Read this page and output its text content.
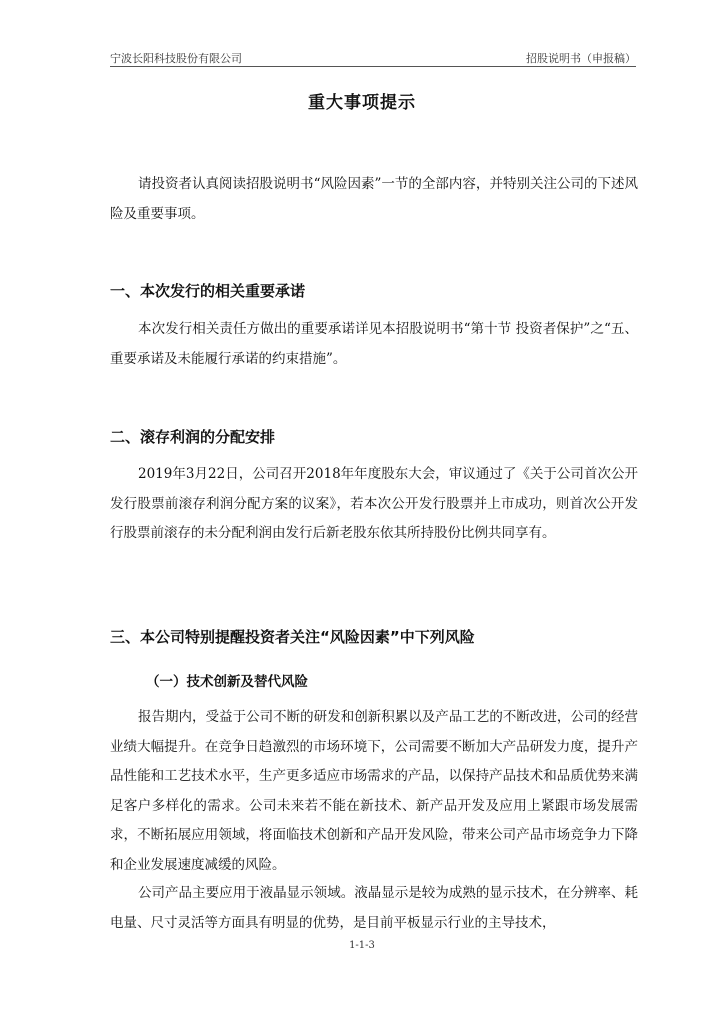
宁波长阳科技股份有限公司	招股说明书（申报稿）
重大事项提示

请投资者认真阅读招股说明书“风险因素”一节的全部内容，并特别关注公司的下述风险及重要事项。

一、本次发行的相关重要承诺

本次发行相关责任方做出的重要承诺详见本招股说明书“第十节 投资者保护”之“五、重要承诺及未能履行承诺的约束措施”。

二、滚存利润的分配安排

2019年3月22日，公司召开2018年年度股东大会，审议通过了《关于公司首次公开发行股票前滚存利润分配方案的议案》，若本次公开发行股票并上市成功，则首次公开发行股票前滚存的未分配利润由发行后新老股东依其所持股份比例共同享有。

三、本公司特别提醒投资者关注“风险因素”中下列风险
（一）技术创新及替代风险

报告期内，受益于公司不断的研发和创新积累以及产品工艺的不断改进，公司的经营业绩大幅提升。在竞争日趋激烈的市场环境下，公司需要不断加大产品研发力度，提升产品性能和工艺技术水平，生产更多适应市场需求的产品，以保持产品技术和品质优势来满足客户多样化的需求。公司未来若不能在新技术、新产品开发及应用上紧跟市场发展需求，不断拓展应用领域，将面临技术创新和产品开发风险，带来公司产品市场竞争力下降和企业发展速度减缓的风险。

公司产品主要应用于液晶显示领域。液晶显示是较为成熟的显示技术，在分辨率、耗电量、尺寸灵活等方面具有明显的优势，是目前平板显示行业的主导技术，

1-1-3
